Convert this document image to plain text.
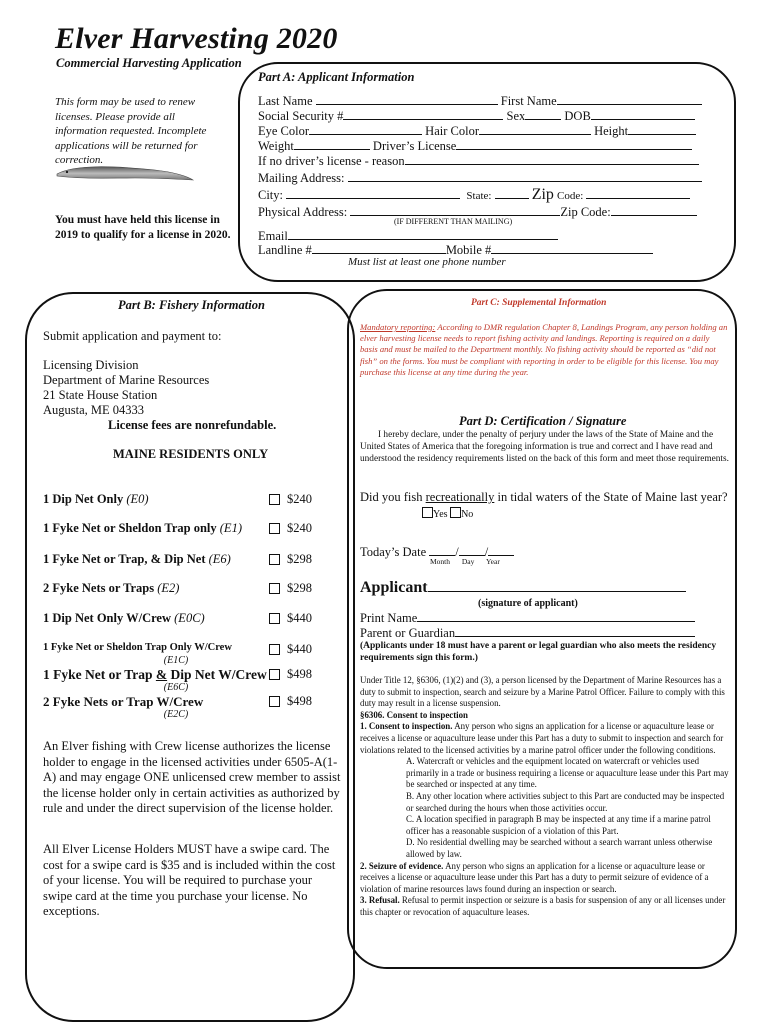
Elver Harvesting 2020
Commercial Harvesting Application
This form may be used to renew licenses. Please provide all information requested. Incomplete applications will be returned for correction.
You must have held this license in 2019 to qualify for a license in 2020.
Part A: Applicant Information
Last Name	First Name
Social Security #	Sex	DOB
Eye Color	Hair Color	Height
Weight	Driver’s License
If no driver’s license - reason
Mailing Address:
City:	State:	Zip Code:
Physical Address:	Zip Code:
(IF DIFFERENT THAN MAILING)
Email
Landline #	Mobile #
Must list at least one phone number
Part B: Fishery Information
Submit application and payment to:
Licensing Division
Department of Marine Resources
21 State House Station
Augusta, ME 04333
License fees are nonrefundable.
MAINE RESIDENTS ONLY
1 Dip Net Only (E0)	$240
1 Fyke Net or Sheldon Trap only (E1)	$240
1 Fyke Net or Trap, & Dip Net (E6)	$298
2 Fyke Nets or Traps (E2)	$298
1 Dip Net Only W/Crew (E0C)	$440
1 Fyke Net or Sheldon Trap Only W/Crew	$440
(E1C)
1 Fyke Net or Trap & Dip Net W/Crew $498
(E6C)
2 Fyke Nets or Trap W/Crew	$498
(E2C)
An Elver fishing with Crew license authorizes the license holder to engage in the licensed activities under 6505-A(1-A) and may engage ONE unlicensed crew member to assist the license holder only in certain activities as authorized by rule and under the direct supervision of the license holder.
All Elver License Holders MUST have a swipe card. The cost for a swipe card is $35 and is included within the cost of your license. You will be required to purchase your swipe card at the time you purchase your license. No exceptions.
Part C: Supplemental Information
Mandatory reporting: According to DMR regulation Chapter 8, Landings Program, any person holding an elver harvesting license needs to report fishing activity and landings. Reporting is required on a daily basis and must be mailed to the Department monthly. No fishing activity should be reported as “did not fish” on the forms. You must be compliant with reporting in order to be eligible for this license. You may purchase this license at any time during the year.
Part D: Certification / Signature
I hereby declare, under the penalty of perjury under the laws of the State of Maine and the United States of America that the foregoing information is true and correct and I have read and understood the residency requirements listed on the back of this form and meet those requirements.
Did you fish recreationally in tidal waters of the State of Maine last year?
Yes No
Today’s Date / /
Month Day Year
Applicant
(signature of applicant)
Print Name
Parent or Guardian
(Applicants under 18 must have a parent or legal guardian who also meets the residency requirements sign this form.)

Under Title 12, §6306, (1)(2) and (3), a person licensed by the Department of Marine Resources has a duty to submit to inspection, search and seizure by a Marine Patrol Officer. Failure to comply with this duty may result in a license suspension.

§6306. Consent to inspection

1. Consent to inspection. Any person who signs an application for a license or aquaculture lease or receives a license or aquaculture lease under this Part has a duty to submit to inspection and search for violations related to the licensed activities by a marine patrol officer under the following conditions.

A. Watercraft or vehicles and the equipment located on watercraft or vehicles used primarily in a trade or business requiring a license or aquaculture lease under this Part may be searched or inspected at any time.

B. Any other location where activities subject to this Part are conducted may be inspected or searched during the hours when those activities occur.

C. A location specified in paragraph B may be inspected at any time if a marine patrol officer has a reasonable suspicion of a violation of this Part.

D. No residential dwelling may be searched without a search warrant unless otherwise allowed by law.

2. Seizure of evidence. Any person who signs an application for a license or aquaculture lease or receives a license or aquaculture lease under this Part has a duty to permit seizure of evidence of a violation of marine resources laws found during an inspection or search.

3. Refusal. Refusal to permit inspection or seizure is a basis for suspension of any or all licenses under this chapter or revocation of aquaculture leases.
